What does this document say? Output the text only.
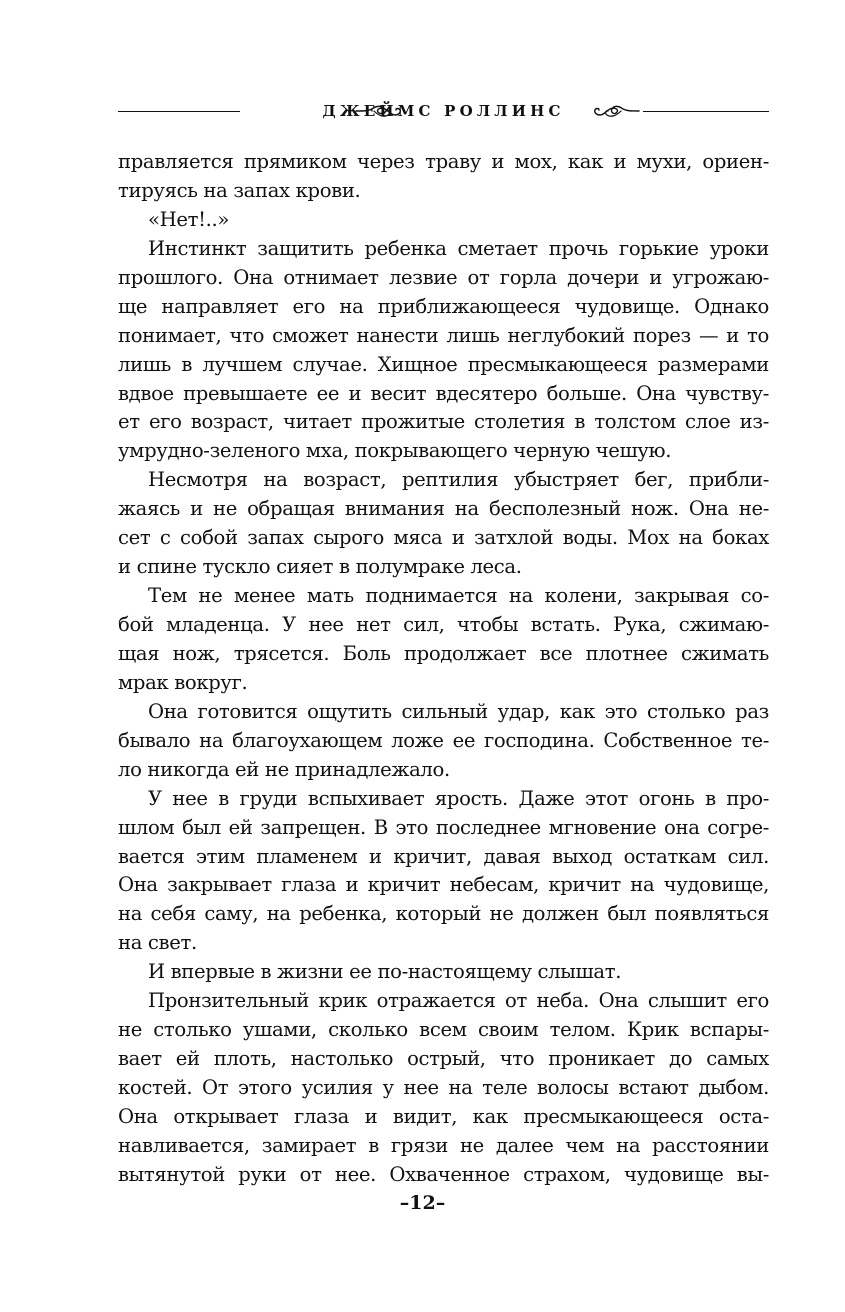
ДЖЕЙМС РОЛЛИНС
правляется прямиком через траву и мох, как и мухи, ориен-
тируясь на запах крови.
«Нет!..»
Инстинкт защитить ребенка сметает прочь горькие уроки
прошлого. Она отнимает лезвие от горла дочери и угрожаю-
ще направляет его на приближающееся чудовище. Однако
понимает, что сможет нанести лишь неглубокий порез — и то
лишь в лучшем случае. Хищное пресмыкающееся размерами
вдвое превышаете ее и весит вдесятеро больше. Она чувству-
ет его возраст, читает прожитые столетия в толстом слое из-
умрудно-зеленого мха, покрывающего черную чешую.
Несмотря на возраст, рептилия убыстряет бег, прибли-
жаясь и не обращая внимания на бесполезный нож. Она не-
сет с собой запах сырого мяса и затхлой воды. Мох на боках
и спине тускло сияет в полумраке леса.
Тем не менее мать поднимается на колени, закрывая со-
бой младенца. У нее нет сил, чтобы встать. Рука, сжимаю-
щая нож, трясется. Боль продолжает все плотнее сжимать
мрак вокруг.
Она готовится ощутить сильный удар, как это столько раз
бывало на благоухающем ложе ее господина. Собственное те-
ло никогда ей не принадлежало.
У нее в груди вспыхивает ярость. Даже этот огонь в про-
шлом был ей запрещен. В это последнее мгновение она согре-
вается этим пламенем и кричит, давая выход остаткам сил.
Она закрывает глаза и кричит небесам, кричит на чудовище,
на себя саму, на ребенка, который не должен был появляться
на свет.
И впервые в жизни ее по-настоящему слышат.
Пронзительный крик отражается от неба. Она слышит его
не столько ушами, сколько всем своим телом. Крик вспары-
вает ей плоть, настолько острый, что проникает до самых
костей. От этого усилия у нее на теле волосы встают дыбом.
Она открывает глаза и видит, как пресмыкающееся оста-
навливается, замирает в грязи не далее чем на расстоянии
вытянутой руки от нее. Охваченное страхом, чудовище вы-
–12–
